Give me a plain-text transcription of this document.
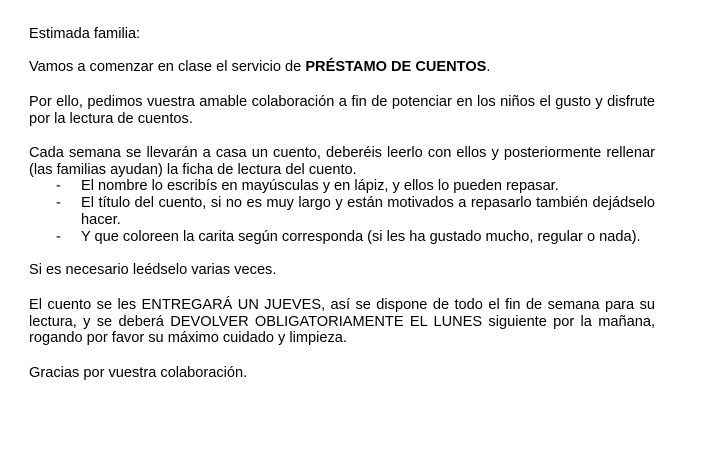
Estimada familia:

Vamos a comenzar en clase el servicio de PRÉSTAMO DE CUENTOS.

Por ello, pedimos vuestra amable colaboración a fin de potenciar en los niños el gusto y disfrute por la lectura de cuentos.

Cada semana se llevarán a casa un cuento, deberéis leerlo con ellos y posteriormente rellenar (las familias ayudan) la ficha de lectura del cuento.

- El nombre lo escribís en mayúsculas y en lápiz, y ellos lo pueden repasar.
- El título del cuento, si no es muy largo y están motivados a repasarlo también dejádselo hacer.
- Y que coloreen la carita según corresponda (si les ha gustado mucho, regular o nada).

Si es necesario leédselo varias veces.

El cuento se les ENTREGARÁ UN JUEVES, así se dispone de todo el fin de semana para su lectura, y se deberá DEVOLVER OBLIGATORIAMENTE EL LUNES siguiente por la mañana, rogando por favor su máximo cuidado y limpieza.

Gracias por vuestra colaboración.
